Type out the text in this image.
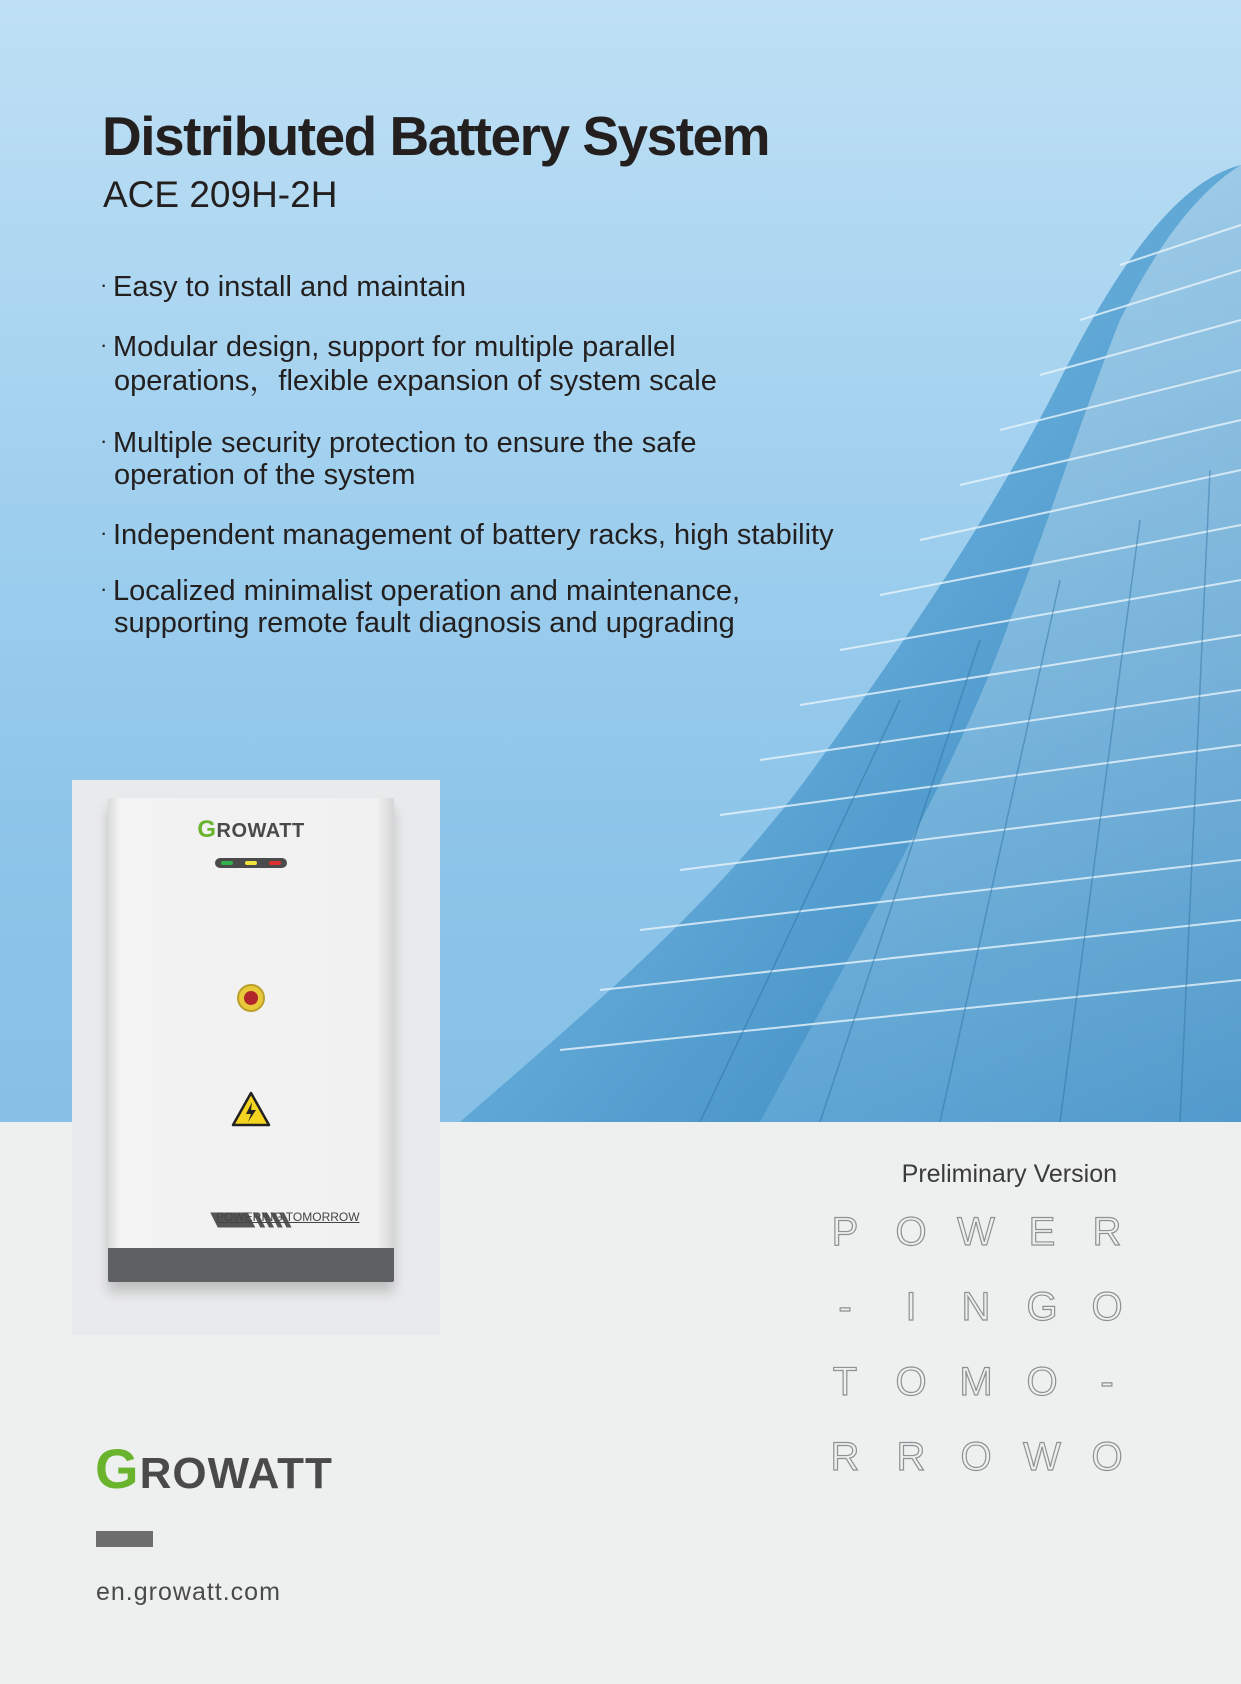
Distributed Battery System

ACE 209H-2H

· Easy to install and maintain
· Modular design, support for multiple parallel
operations，flexible expansion of system scale
· Multiple security protection to ensure the safe
operation of the system
· Independent management of battery racks, high stability
· Localized minimalist operation and maintenance,
supporting remote fault diagnosis and upgrading
GROWATT
POWERING TOMORROW
Preliminary Version
P O W E R
-	I	N G O
T O M O	-
R R O W O
GROWATT
en.growatt.com
